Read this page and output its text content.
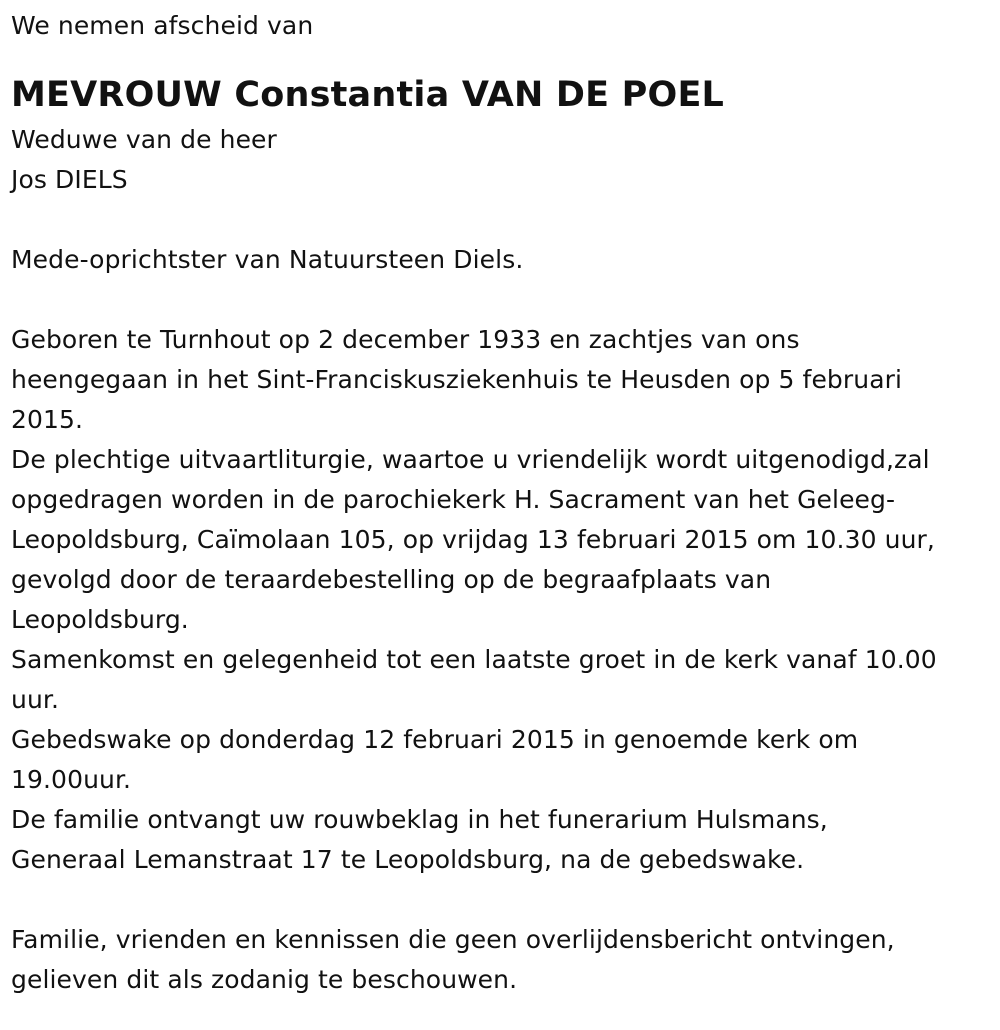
We nemen afscheid van
MEVROUW Constantia VAN DE POEL
Weduwe van de heer
Jos DIELS
Mede-oprichtster van Natuursteen Diels.
Geboren te Turnhout op 2 december 1933 en zachtjes van ons
heengegaan in het Sint-Franciskusziekenhuis te Heusden op 5 februari
2015.
De plechtige uitvaartliturgie, waartoe u vriendelijk wordt uitgenodigd,zal
opgedragen worden in de parochiekerk H. Sacrament van het Geleeg-
Leopoldsburg, Caïmolaan 105, op vrijdag 13 februari 2015 om 10.30 uur,
gevolgd door de teraardebestelling op de begraafplaats van
Leopoldsburg.
Samenkomst en gelegenheid tot een laatste groet in de kerk vanaf 10.00
uur.
Gebedswake op donderdag 12 februari 2015 in genoemde kerk om
19.00uur.
De familie ontvangt uw rouwbeklag in het funerarium Hulsmans,
Generaal Lemanstraat 17 te Leopoldsburg, na de gebedswake.
Familie, vrienden en kennissen die geen overlijdensbericht ontvingen,
gelieven dit als zodanig te beschouwen.
